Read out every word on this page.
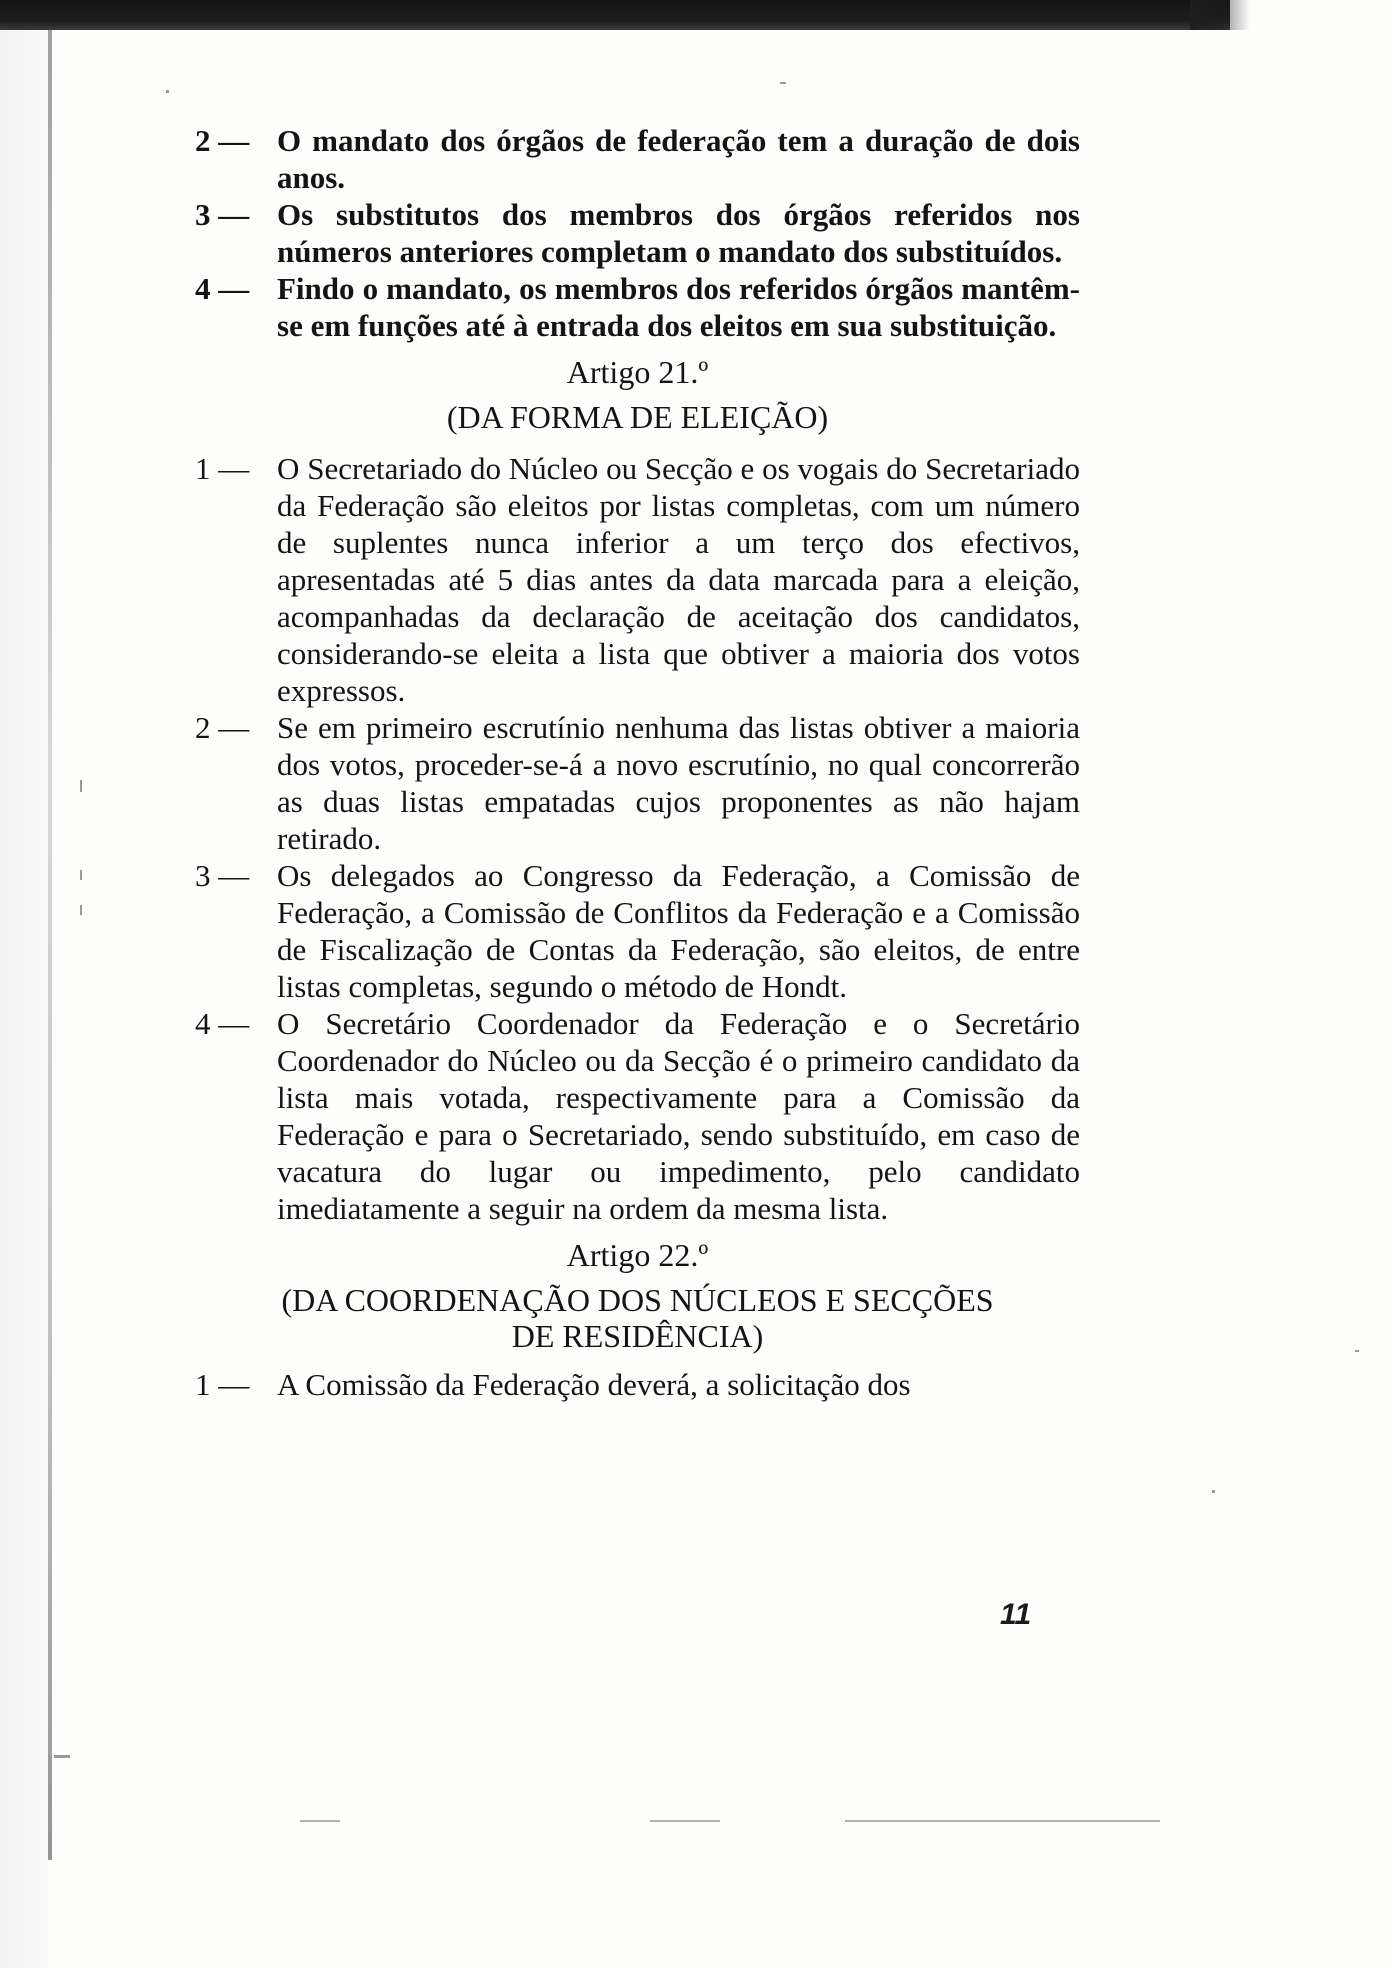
2 — O mandato dos órgãos de federação tem a duração de dois anos.
3 — Os substitutos dos membros dos órgãos referidos nos números anteriores completam o mandato dos substituídos.
4 — Findo o mandato, os membros dos referidos órgãos mantêm-se em funções até à entrada dos eleitos em sua substituição.

Artigo 21.º

(DA FORMA DE ELEIÇÃO)

1 — O Secretariado do Núcleo ou Secção e os vogais do Secretariado da Federação são eleitos por listas completas, com um número de suplentes nunca inferior a um terço dos efectivos, apresentadas até 5 dias antes da data marcada para a eleição, acompanhadas da declaração de aceitação dos candidatos, considerando-se eleita a lista que obtiver a maioria dos votos expressos.
2 — Se em primeiro escrutínio nenhuma das listas obtiver a maioria dos votos, proceder-se-á a novo escrutínio, no qual concorrerão as duas listas empatadas cujos proponentes as não hajam retirado.
3 — Os delegados ao Congresso da Federação, a Comissão de Federação, a Comissão de Conflitos da Federação e a Comissão de Fiscalização de Contas da Federação, são eleitos, de entre listas completas, segundo o método de Hondt.
4 — O Secretário Coordenador da Federação e o Secretário Coordenador do Núcleo ou da Secção é o primeiro candidato da lista mais votada, respectivamente para a Comissão da Federação e para o Secretariado, sendo substituído, em caso de vacatura do lugar ou impedimento, pelo candidato imediatamente a seguir na ordem da mesma lista.

Artigo 22.º

(DA COORDENAÇÃO DOS NÚCLEOS E SECÇÕES
DE RESIDÊNCIA)

1 — A Comissão da Federação deverá, a solicitação dos
11
